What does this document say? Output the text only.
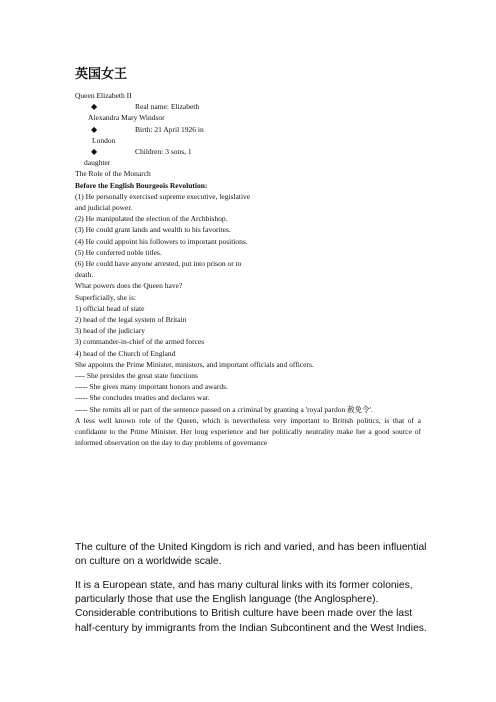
英国女王
Queen Elizabeth II
◆	Real name: Elizabeth
Alexandra Mary Windsor
◆	Birth: 21 April 1926 in
London
◆	Children: 3 sons, 1
daughter
The Role of the Monarch
Before the English Bourgeois Revolution:
(1) He personally exercised supreme executive, legislative
and judicial power.
(2) He manipulated the election of the Archbishop.
(3) He could grant lands and wealth to his favorites.
(4) He could appoint his followers to important positions.
(5) He conferred noble titles.
(6) He could have anyone arrested, put into prison or to
death.
What powers does the Queen have?
Superficially, she is:
1) official head of state
2) head of the legal system of Britain
3) head of the judiciary
3) commander-in-chief of the armed forces
4) head of the Church of England
She appoints the Prime Minister, ministers, and important officials and officers.
---- She presides the great state functions
----- She gives many important honors and awards.
----- She concludes treaties and declares war.
----- She remits all or part of the sentence passed on a criminal by granting a 'royal pardon 赦免令'.
A less well known role of the Queen, which is nevertheless very important to British politics, is that of a confidante to the Prime Minister. Her long experience and her politically neutrality make her a good source of informed observation on the day to day problems of governance
The culture of the United Kingdom is rich and varied, and has been influential
on culture on a worldwide scale.
It is a European state, and has many cultural links with its former colonies,
particularly those that use the English language (the Anglosphere).
Considerable contributions to British culture have been made over the last
half-century by immigrants from the Indian Subcontinent and the West Indies.
